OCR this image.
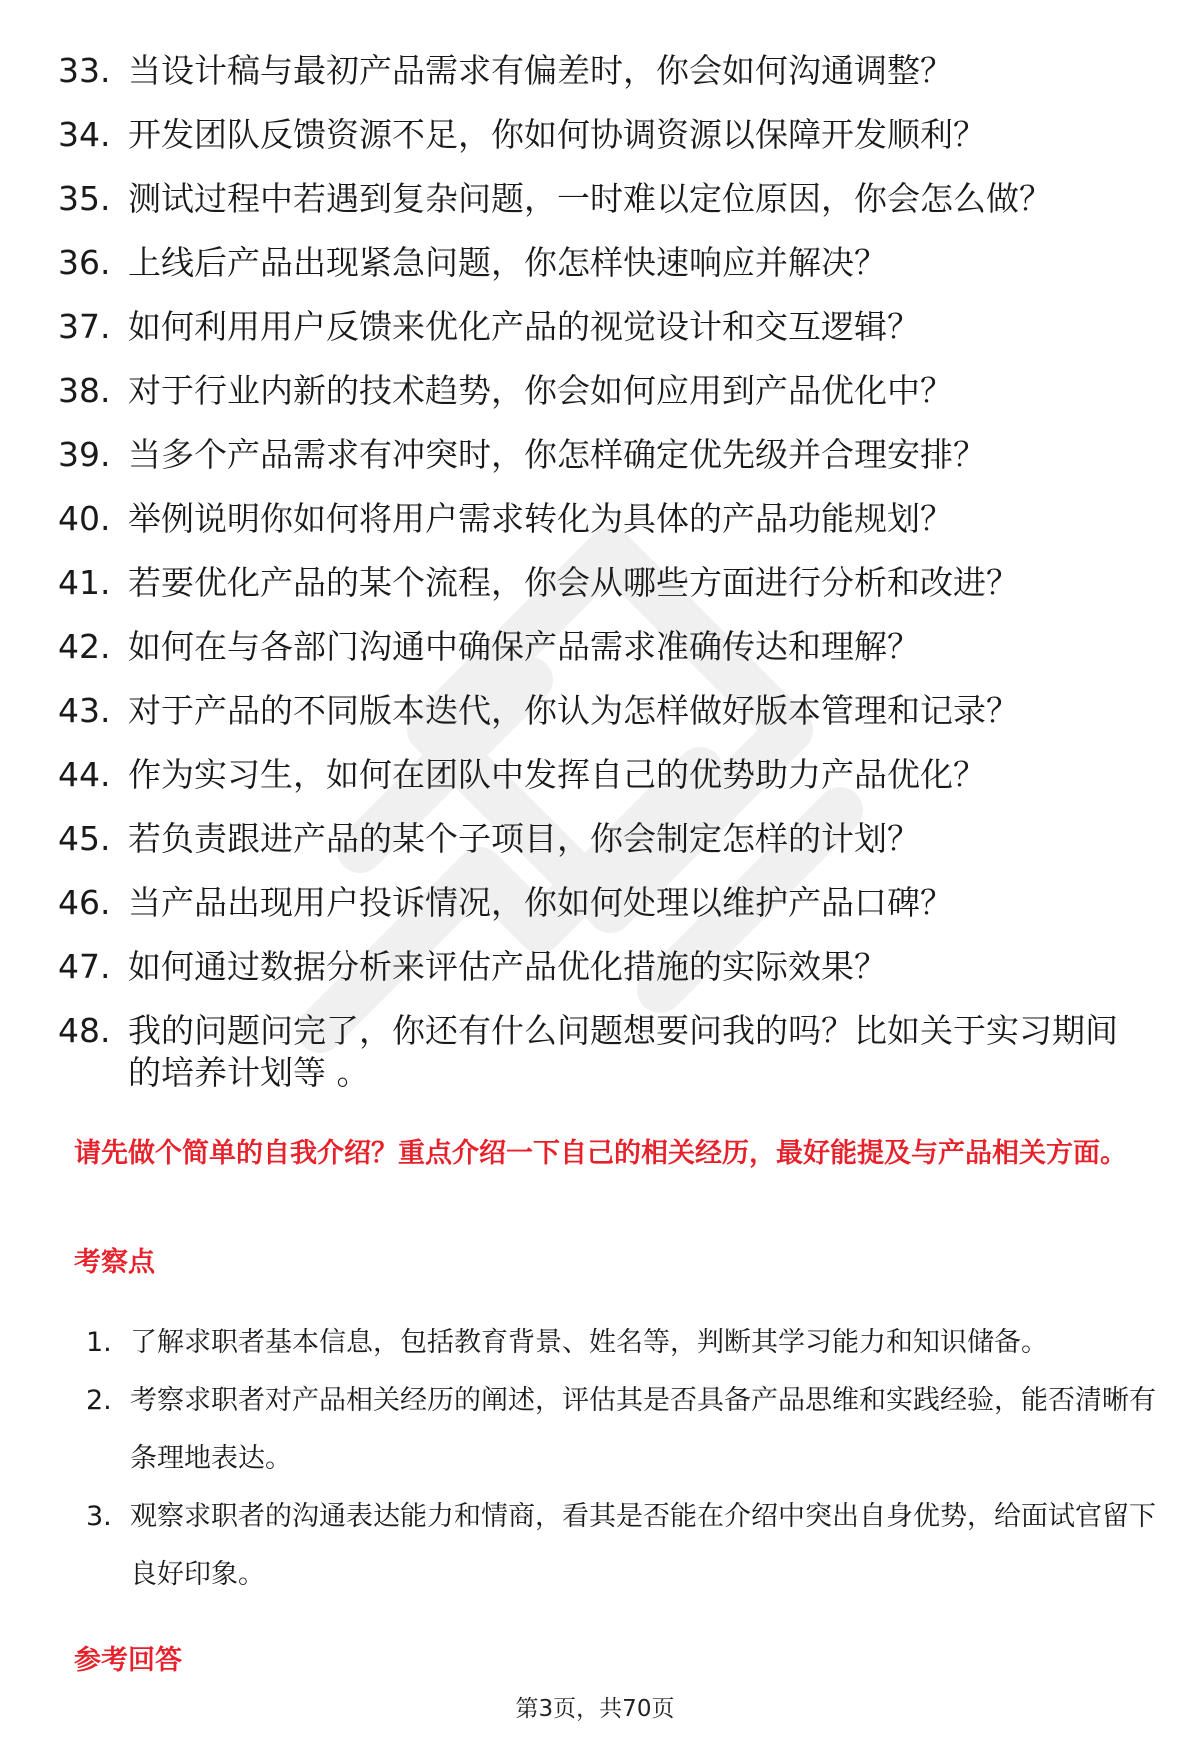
33. 当设计稿与最初产品需求有偏差时，你会如何沟通调整？
34. 开发团队反馈资源不足，你如何协调资源以保障开发顺利？
35. 测试过程中若遇到复杂问题，一时难以定位原因，你会怎么做？
36. 上线后产品出现紧急问题，你怎样快速响应并解决？
37. 如何利用用户反馈来优化产品的视觉设计和交互逻辑？
38. 对于行业内新的技术趋势，你会如何应用到产品优化中？
39. 当多个产品需求有冲突时，你怎样确定优先级并合理安排？
40. 举例说明你如何将用户需求转化为具体的产品功能规划？
41. 若要优化产品的某个流程，你会从哪些方面进行分析和改进？
42. 如何在与各部门沟通中确保产品需求准确传达和理解？
43. 对于产品的不同版本迭代，你认为怎样做好版本管理和记录？
44. 作为实习生，如何在团队中发挥自己的优势助力产品优化？
45. 若负责跟进产品的某个子项目，你会制定怎样的计划？
46. 当产品出现用户投诉情况，你如何处理以维护产品口碑？
47. 如何通过数据分析来评估产品优化措施的实际效果？
48. 我的问题问完了，你还有什么问题想要问我的吗？比如关于实习期间的培养计划等 。
请先做个简单的自我介绍？重点介绍一下自己的相关经历，最好能提及与产品相关方面。
考察点
1. 了解求职者基本信息，包括教育背景、姓名等，判断其学习能力和知识储备。
2. 考察求职者对产品相关经历的阐述，评估其是否具备产品思维和实践经验，能否清晰有条理地表达。
3. 观察求职者的沟通表达能力和情商，看其是否能在介绍中突出自身优势，给面试官留下良好印象。
参考回答
第3页，共70页
